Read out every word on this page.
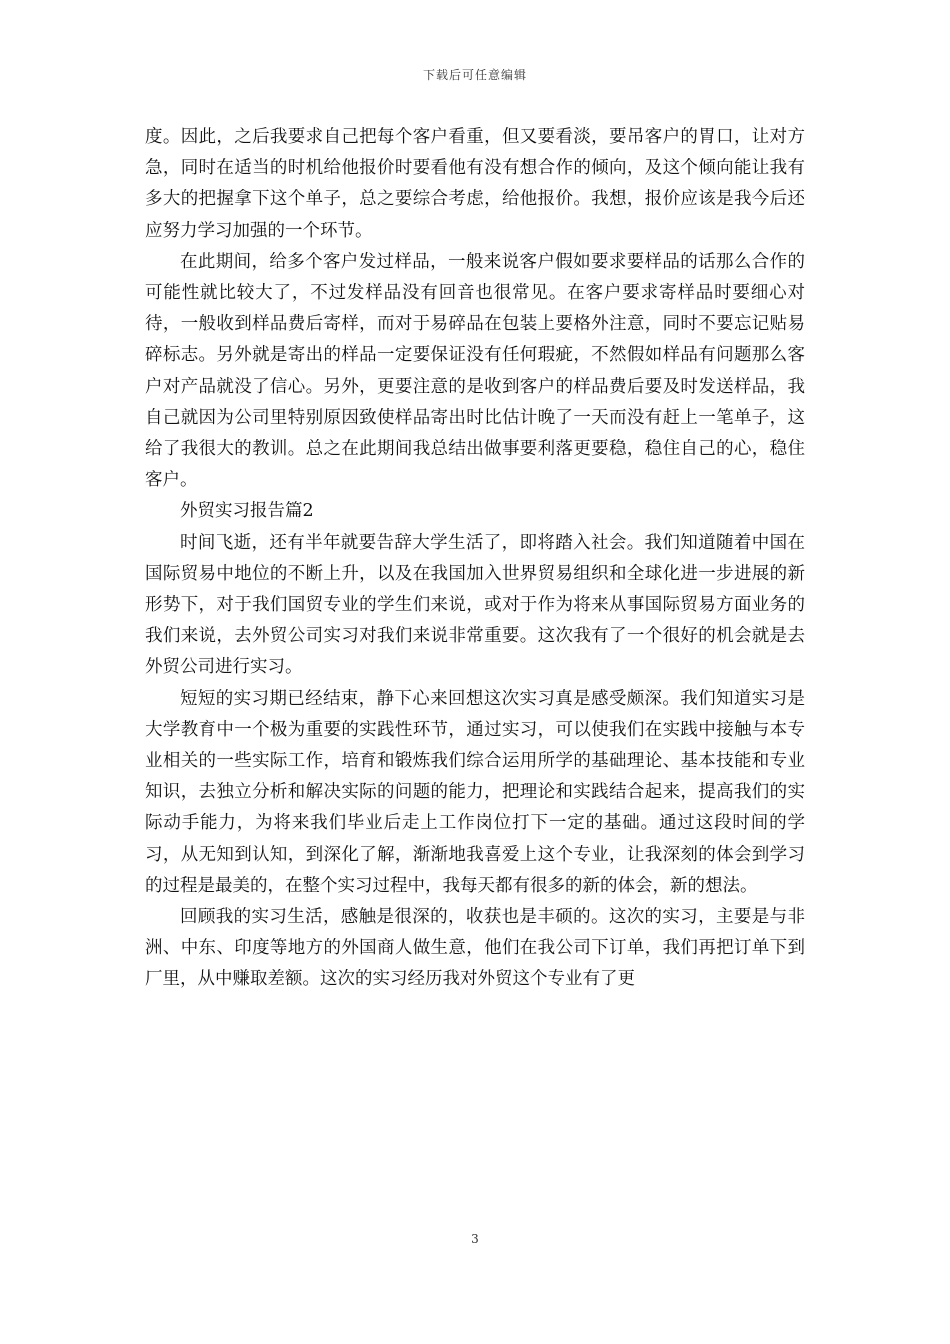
下载后可任意编辑

度。因此，之后我要求自己把每个客户看重，但又要看淡，要吊客户的胃口，让对方急，同时在适当的时机给他报价时要看他有没有想合作的倾向，及这个倾向能让我有多大的把握拿下这个单子，总之要综合考虑，给他报价。我想，报价应该是我今后还应努力学习加强的一个环节。

在此期间，给多个客户发过样品，一般来说客户假如要求要样品的话那么合作的可能性就比较大了，不过发样品没有回音也很常见。在客户要求寄样品时要细心对待，一般收到样品费后寄样，而对于易碎品在包装上要格外注意，同时不要忘记贴易碎标志。另外就是寄出的样品一定要保证没有任何瑕疵，不然假如样品有问题那么客户对产品就没了信心。另外，更要注意的是收到客户的样品费后要及时发送样品，我自己就因为公司里特别原因致使样品寄出时比估计晚了一天而没有赶上一笔单子，这给了我很大的教训。总之在此期间我总结出做事要利落更要稳，稳住自己的心，稳住客户。

外贸实习报告篇2

时间飞逝，还有半年就要告辞大学生活了，即将踏入社会。我们知道随着中国在国际贸易中地位的不断上升，以及在我国加入世界贸易组织和全球化进一步进展的新形势下，对于我们国贸专业的学生们来说，或对于作为将来从事国际贸易方面业务的我们来说，去外贸公司实习对我们来说非常重要。这次我有了一个很好的机会就是去外贸公司进行实习。

短短的实习期已经结束，静下心来回想这次实习真是感受颇深。我们知道实习是大学教育中一个极为重要的实践性环节，通过实习，可以使我们在实践中接触与本专业相关的一些实际工作，培育和锻炼我们综合运用所学的基础理论、基本技能和专业知识，去独立分析和解决实际的问题的能力，把理论和实践结合起来，提高我们的实际动手能力，为将来我们毕业后走上工作岗位打下一定的基础。通过这段时间的学习，从无知到认知，到深化了解，渐渐地我喜爱上这个专业，让我深刻的体会到学习的过程是最美的，在整个实习过程中，我每天都有很多的新的体会，新的想法。

回顾我的实习生活，感触是很深的，收获也是丰硕的。这次的实习，主要是与非洲、中东、印度等地方的外国商人做生意，他们在我公司下订单，我们再把订单下到厂里，从中赚取差额。这次的实习经历我对外贸这个专业有了更

3
